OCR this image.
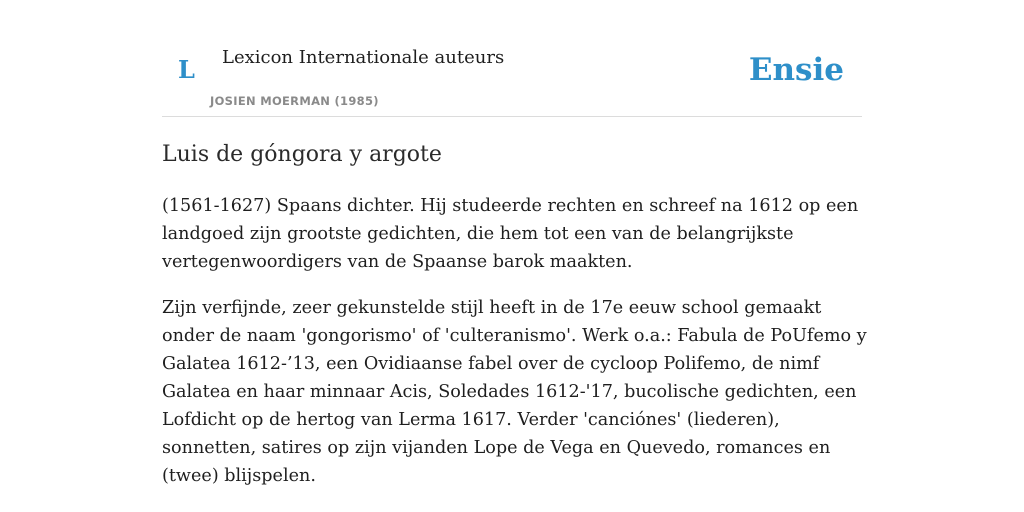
L Lexicon Internationale auteurs
JOSIEN MOERMAN (1985)
Ensie
Luis de góngora y argote

(1561-1627) Spaans dichter. Hij studeerde rechten en schreef na 1612 op een landgoed zijn grootste gedichten, die hem tot een van de belangrijkste vertegenwoordigers van de Spaanse barok maakten.

Zijn verfijnde, zeer gekunstelde stijl heeft in de 17e eeuw school gemaakt onder de naam 'gongorismo' of 'culteranismo'. Werk o.a.: Fabula de PoUfemo y Galatea 1612-’13, een Ovidiaanse fabel over de cycloop Polifemo, de nimf Galatea en haar minnaar Acis, Soledades 1612-'17, bucolische gedichten, een Lofdicht op de hertog van Lerma 1617. Verder 'canciónes' (liederen), sonnetten, satires op zijn vijanden Lope de Vega en Quevedo, romances en (twee) blijspelen.
